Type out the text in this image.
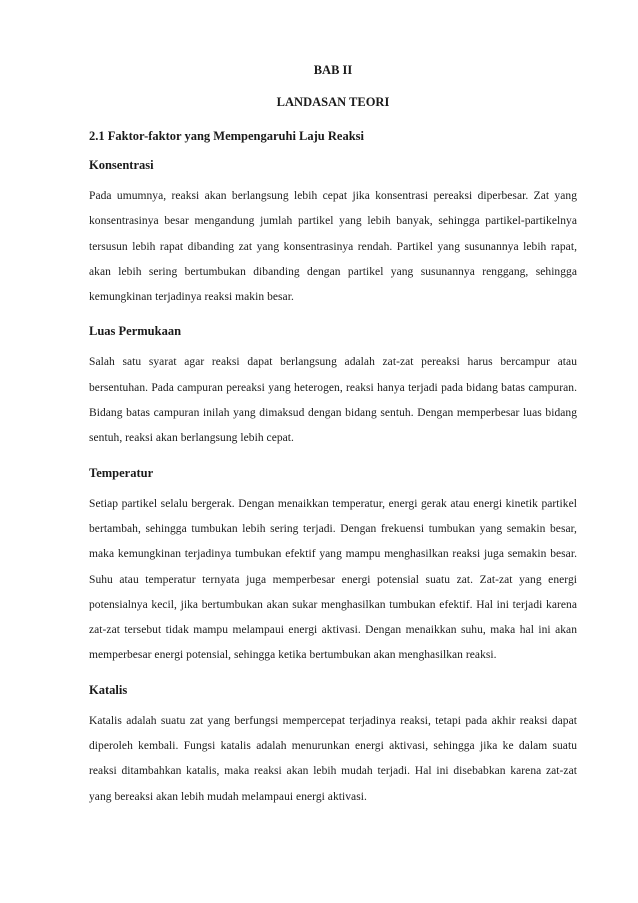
BAB II

LANDASAN TEORI

2.1 Faktor-faktor yang Mempengaruhi Laju Reaksi

Konsentrasi

Pada umumnya, reaksi akan berlangsung lebih cepat jika konsentrasi pereaksi diperbesar. Zat yang konsentrasinya besar mengandung jumlah partikel yang lebih banyak, sehingga partikel-partikelnya tersusun lebih rapat dibanding zat yang konsentrasinya rendah. Partikel yang susunannya lebih rapat, akan lebih sering bertumbukan dibanding dengan partikel yang susunannya renggang, sehingga kemungkinan terjadinya reaksi makin besar.

Luas Permukaan

Salah satu syarat agar reaksi dapat berlangsung adalah zat-zat pereaksi harus bercampur atau bersentuhan. Pada campuran pereaksi yang heterogen, reaksi hanya terjadi pada bidang batas campuran. Bidang batas campuran inilah yang dimaksud dengan bidang sentuh. Dengan memperbesar luas bidang sentuh, reaksi akan berlangsung lebih cepat.

Temperatur

Setiap partikel selalu bergerak. Dengan menaikkan temperatur, energi gerak atau energi kinetik partikel bertambah, sehingga tumbukan lebih sering terjadi. Dengan frekuensi tumbukan yang semakin besar, maka kemungkinan terjadinya tumbukan efektif yang mampu menghasilkan reaksi juga semakin besar. Suhu atau temperatur ternyata juga memperbesar energi potensial suatu zat. Zat-zat yang energi potensialnya kecil, jika bertumbukan akan sukar menghasilkan tumbukan efektif. Hal ini terjadi karena zat-zat tersebut tidak mampu melampaui energi aktivasi. Dengan menaikkan suhu, maka hal ini akan memperbesar energi potensial, sehingga ketika bertumbukan akan menghasilkan reaksi.

Katalis

Katalis adalah suatu zat yang berfungsi mempercepat terjadinya reaksi, tetapi pada akhir reaksi dapat diperoleh kembali. Fungsi katalis adalah menurunkan energi aktivasi, sehingga jika ke dalam suatu reaksi ditambahkan katalis, maka reaksi akan lebih mudah terjadi. Hal ini disebabkan karena zat-zat yang bereaksi akan lebih mudah melampaui energi aktivasi.
